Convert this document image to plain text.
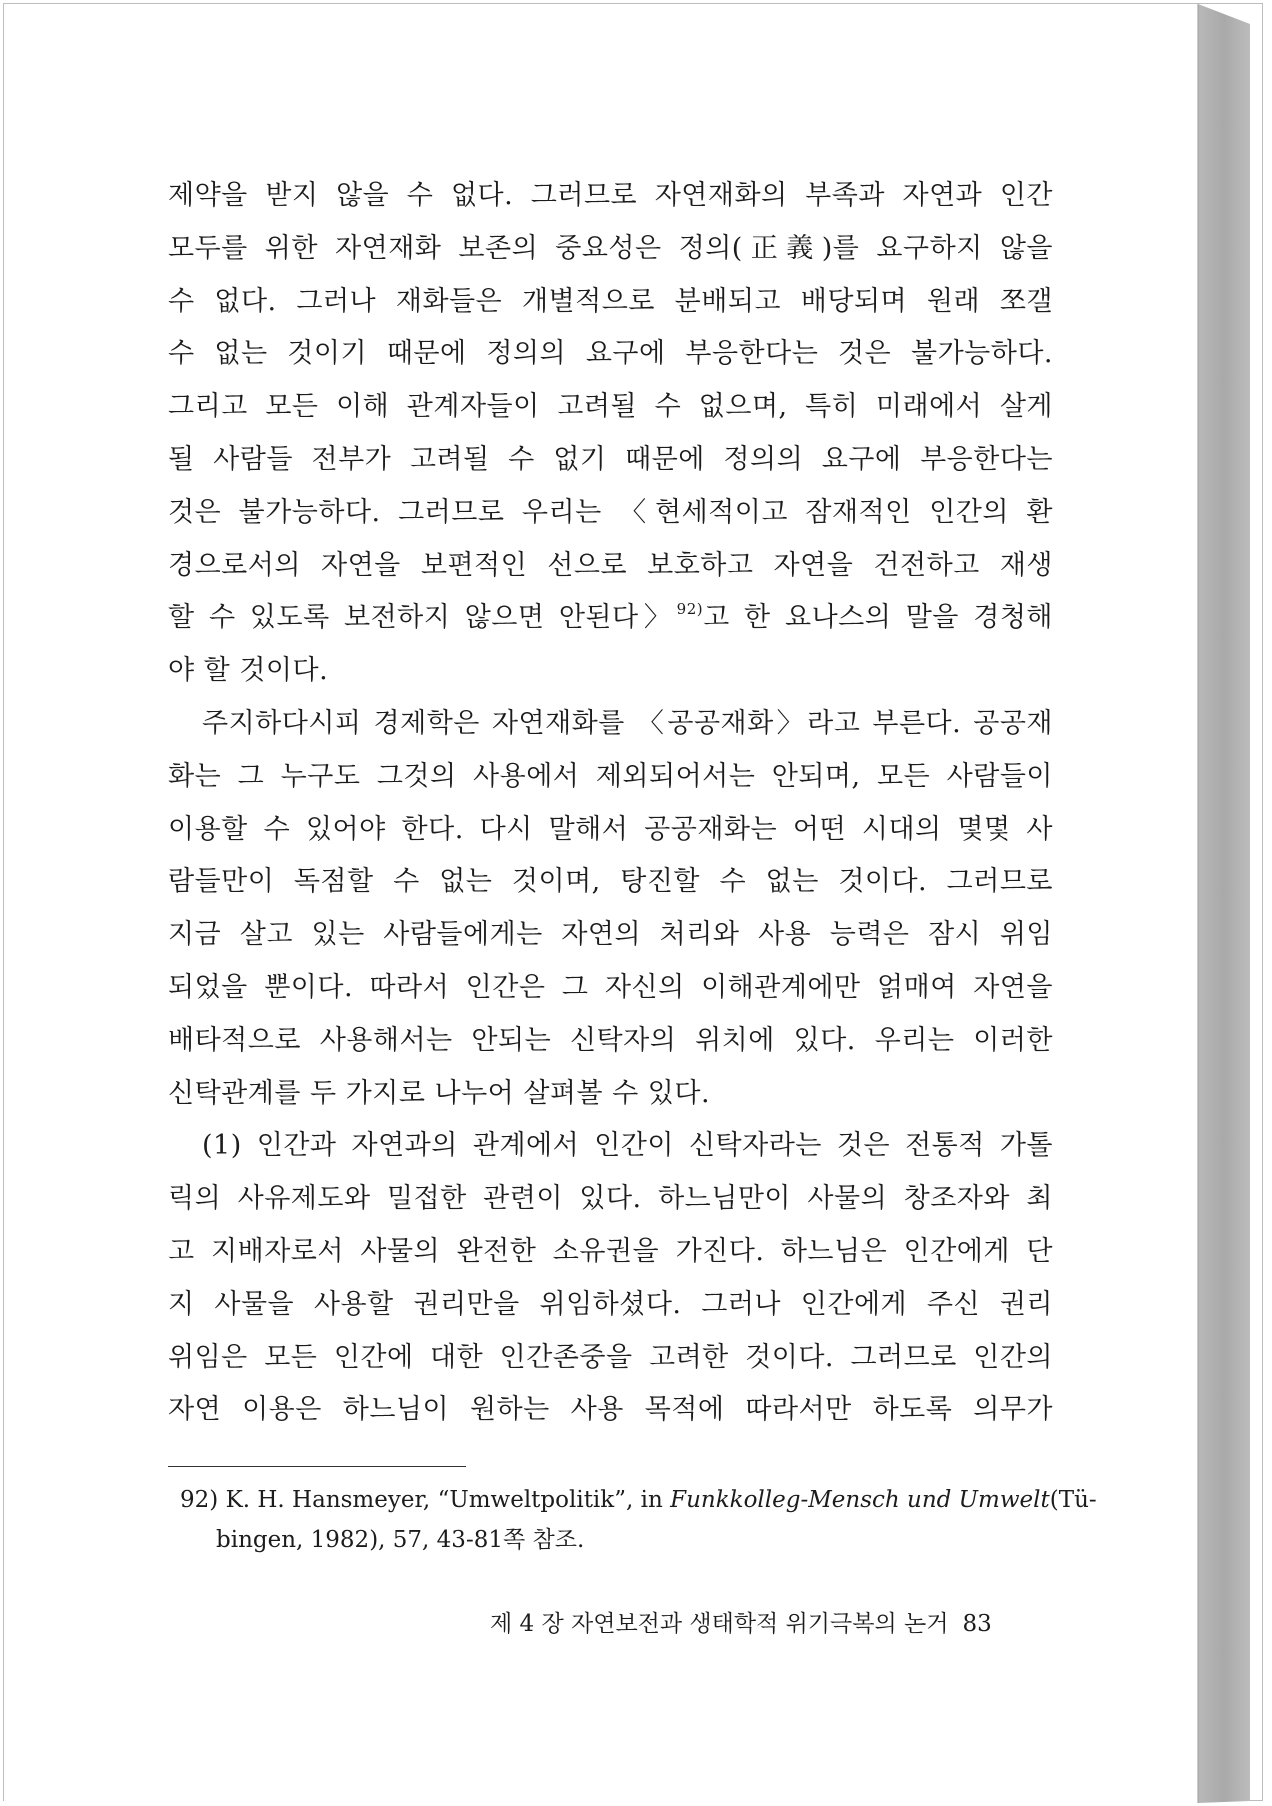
제약을 받지 않을 수 없다. 그러므로 자연재화의 부족과 자연과 인간
모두를 위한 자연재화 보존의 중요성은 정의(正義)를 요구하지 않을
수 없다. 그러나 재화들은 개별적으로 분배되고 배당되며 원래 쪼갤
수 없는 것이기 때문에 정의의 요구에 부응한다는 것은 불가능하다.
그리고 모든 이해 관계자들이 고려될 수 없으며, 특히 미래에서 살게
될 사람들 전부가 고려될 수 없기 때문에 정의의 요구에 부응한다는
것은 불가능하다. 그러므로 우리는 〈현세적이고 잠재적인 인간의 환
경으로서의 자연을 보편적인 선으로 보호하고 자연을 건전하고 재생
할 수 있도록 보전하지 않으면 안된다〉$^{92)}$고 한 요나스의 말을 경청해
야 할 것이다.
주지하다시피 경제학은 자연재화를 〈공공재화〉라고 부른다. 공공재
화는 그 누구도 그것의 사용에서 제외되어서는 안되며, 모든 사람들이
이용할 수 있어야 한다. 다시 말해서 공공재화는 어떤 시대의 몇몇 사
람들만이 독점할 수 없는 것이며, 탕진할 수 없는 것이다. 그러므로
지금 살고 있는 사람들에게는 자연의 처리와 사용 능력은 잠시 위임
되었을 뿐이다. 따라서 인간은 그 자신의 이해관계에만 얽매여 자연을
배타적으로 사용해서는 안되는 신탁자의 위치에 있다. 우리는 이러한
신탁관계를 두 가지로 나누어 살펴볼 수 있다.
(1) 인간과 자연과의 관계에서 인간이 신탁자라는 것은 전통적 가톨
릭의 사유제도와 밀접한 관련이 있다. 하느님만이 사물의 창조자와 최
고 지배자로서 사물의 완전한 소유권을 가진다. 하느님은 인간에게 단
지 사물을 사용할 권리만을 위임하셨다. 그러나 인간에게 주신 권리
위임은 모든 인간에 대한 인간존중을 고려한 것이다. 그러므로 인간의
자연 이용은 하느님이 원하는 사용 목적에 따라서만 하도록 의무가
92) K. H. Hansmeyer, “Umweltpolitik”, in Funkkolleg-Mensch und Umwelt(Tü-
bingen, 1982), 57, 43-81쪽 참조.
제 4 장 자연보전과 생태학적 위기극복의 논거 83
